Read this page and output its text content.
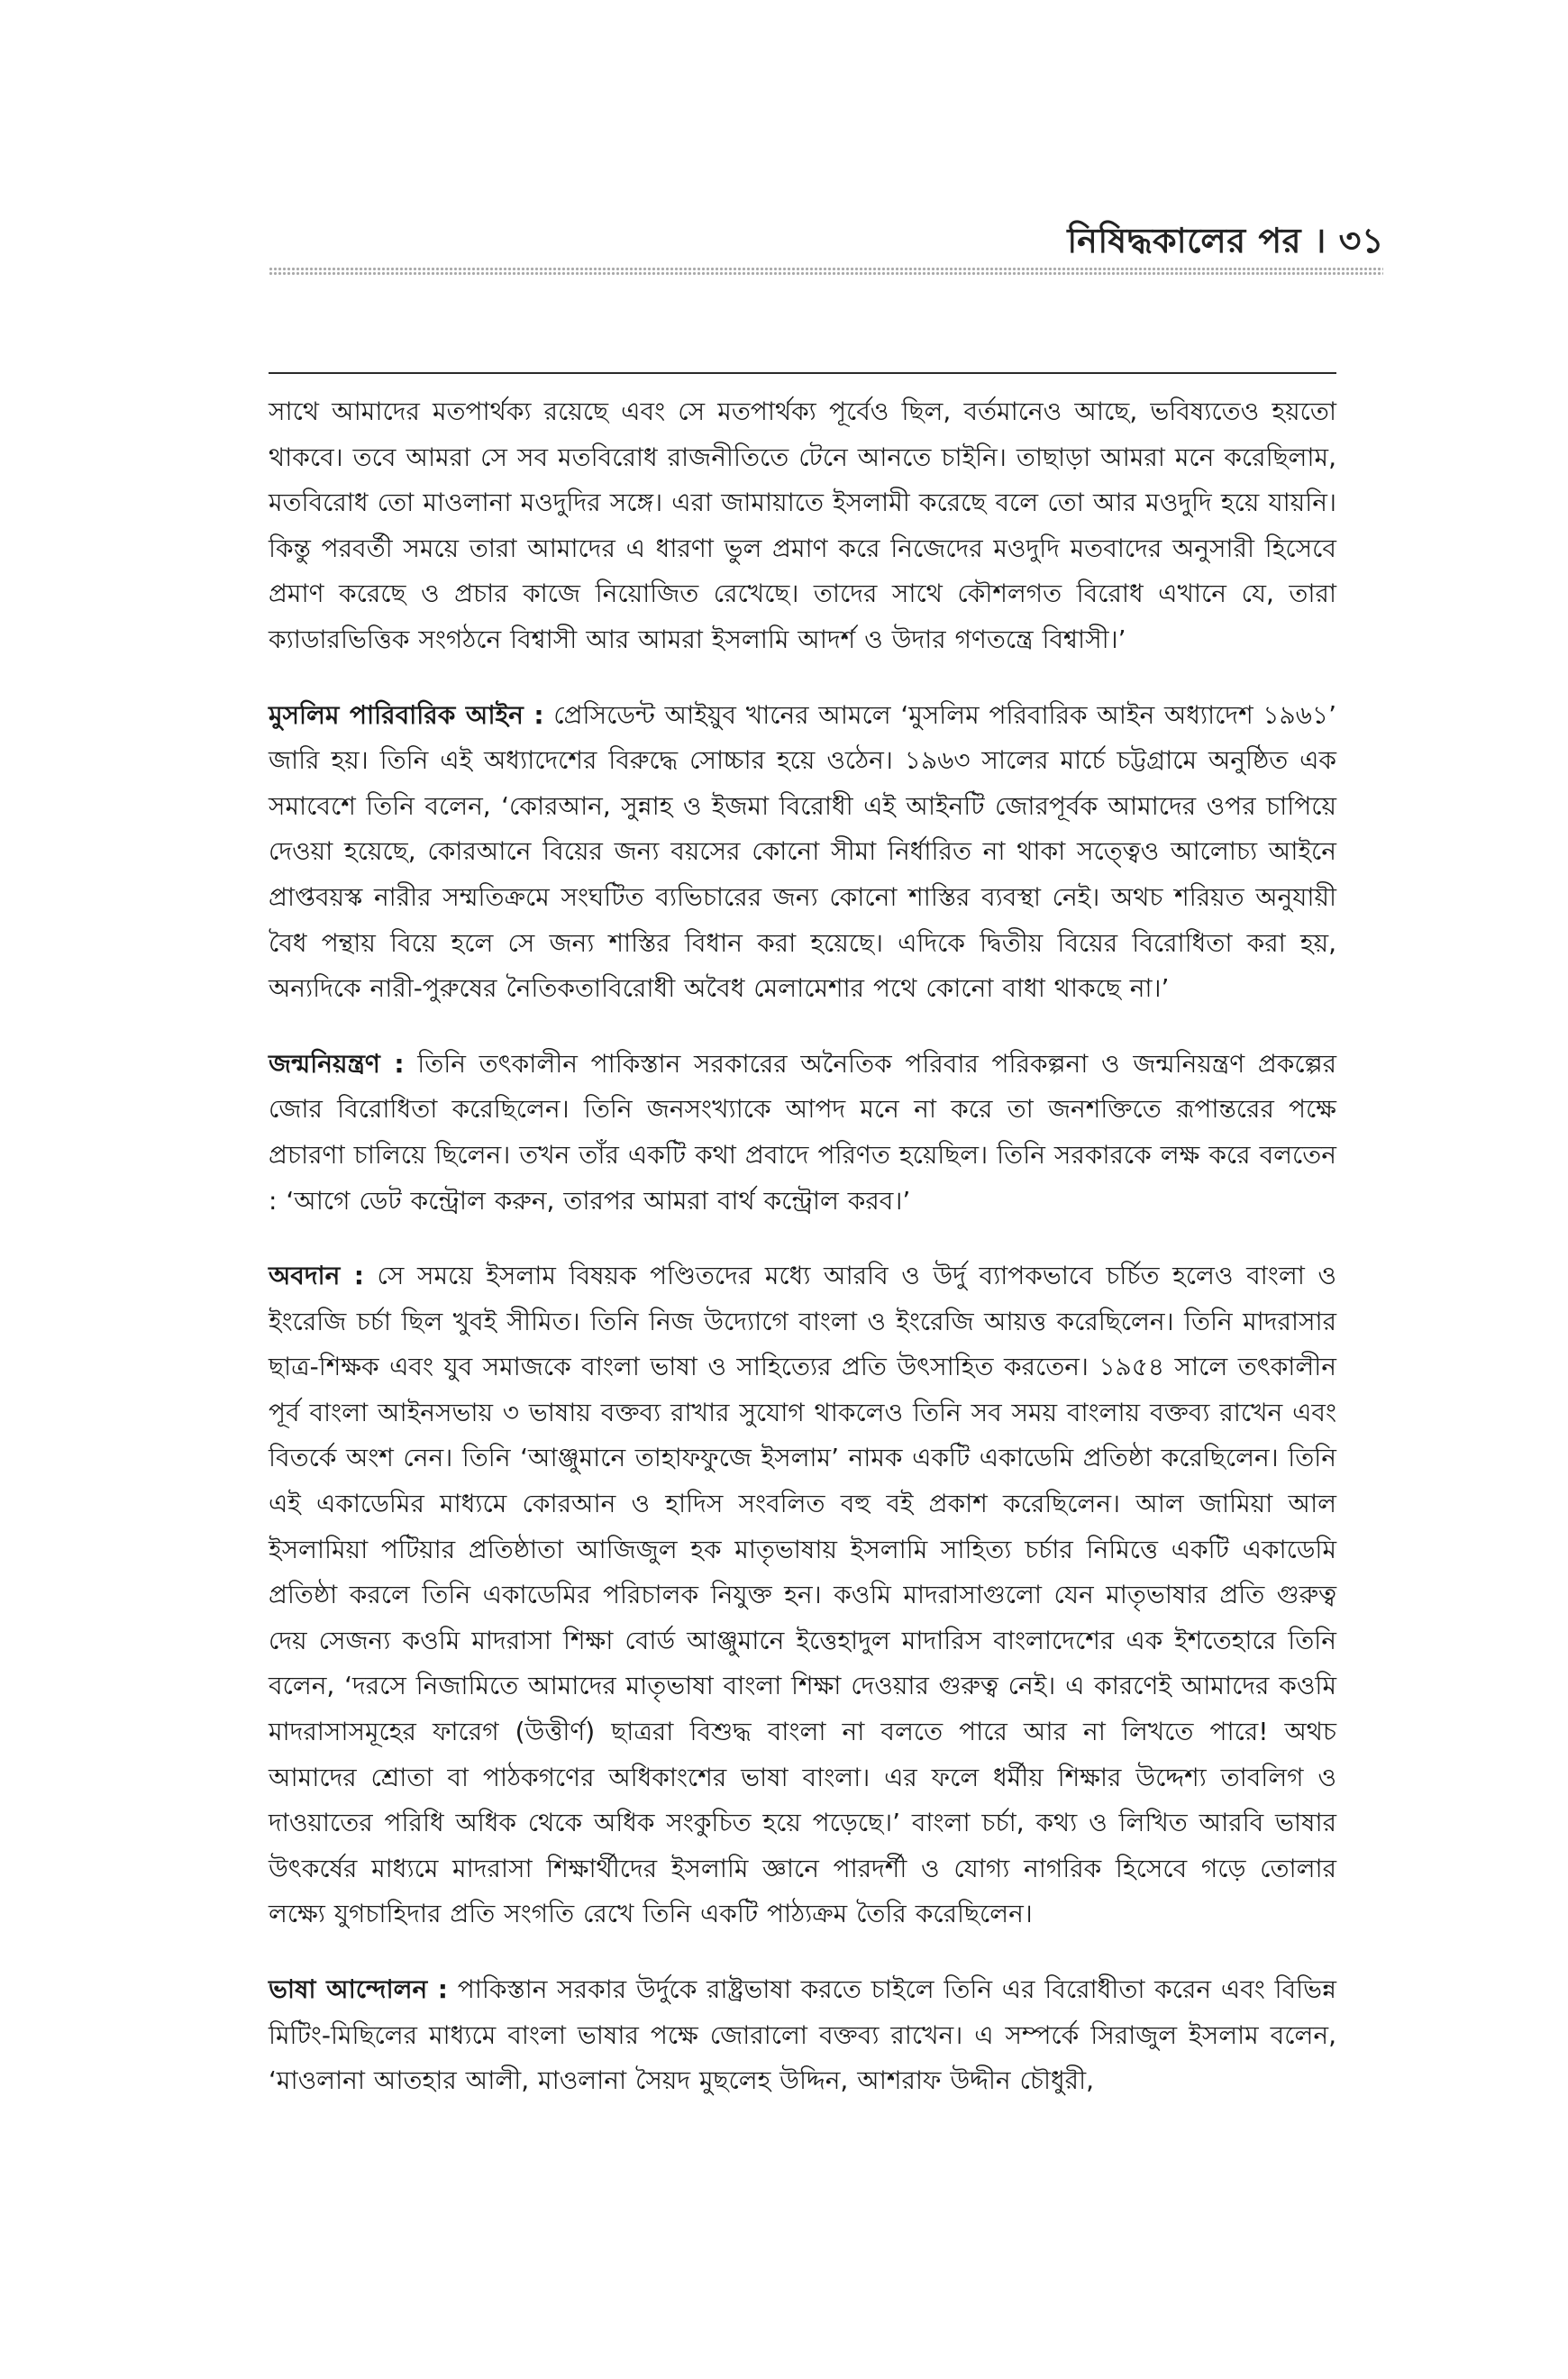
নিষিদ্ধকালের পর । ৩১

সাথে আমাদের মতপার্থক্য রয়েছে এবং সে মতপার্থক্য পূর্বেও ছিল, বর্তমানেও আছে, ভবিষ্যতেও হয়তো থাকবে। তবে আমরা সে সব মতবিরোধ রাজনীতিতে টেনে আনতে চাইনি। তাছাড়া আমরা মনে করেছিলাম, মতবিরোধ তো মাওলানা মওদুদির সঙ্গে। এরা জামায়াতে ইসলামী করেছে বলে তো আর মওদুদি হয়ে যায়নি। কিন্তু পরবর্তী সময়ে তারা আমাদের এ ধারণা ভুল প্রমাণ করে নিজেদের মওদুদি মতবাদের অনুসারী হিসেবে প্রমাণ করেছে ও প্রচার কাজে নিয়োজিত রেখেছে। তাদের সাথে কৌশলগত বিরোধ এখানে যে, তারা ক্যাডারভিত্তিক সংগঠনে বিশ্বাসী আর আমরা ইসলামি আদর্শ ও উদার গণতন্ত্রে বিশ্বাসী।’

মুসলিম পারিবারিক আইন : প্রেসিডেন্ট আইয়ুব খানের আমলে ‘মুসলিম পরিবারিক আইন অধ্যাদেশ ১৯৬১’ জারি হয়। তিনি এই অধ্যাদেশের বিরুদ্ধে সোচ্চার হয়ে ওঠেন। ১৯৬৩ সালের মার্চে চট্টগ্রামে অনুষ্ঠিত এক সমাবেশে তিনি বলেন, ‘কোরআন, সুন্নাহ ও ইজমা বিরোধী এই আইনটি জোরপূর্বক আমাদের ওপর চাপিয়ে দেওয়া হয়েছে, কোরআনে বিয়ের জন্য বয়সের কোনো সীমা নির্ধারিত না থাকা সত্ত্বেও আলোচ্য আইনে প্রাপ্তবয়স্ক নারীর সম্মতিক্রমে সংঘটিত ব্যভিচারের জন্য কোনো শাস্তির ব্যবস্থা নেই। অথচ শরিয়ত অনুযায়ী বৈধ পন্থায় বিয়ে হলে সে জন্য শাস্তির বিধান করা হয়েছে। এদিকে দ্বিতীয় বিয়ের বিরোধিতা করা হয়, অন্যদিকে নারী-পুরুষের নৈতিকতাবিরোধী অবৈধ মেলামেশার পথে কোনো বাধা থাকছে না।’

জন্মনিয়ন্ত্রণ : তিনি তৎকালীন পাকিস্তান সরকারের অনৈতিক পরিবার পরিকল্পনা ও জন্মনিয়ন্ত্রণ প্রকল্পের জোর বিরোধিতা করেছিলেন। তিনি জনসংখ্যাকে আপদ মনে না করে তা জনশক্তিতে রূপান্তরের পক্ষে প্রচারণা চালিয়ে ছিলেন। তখন তাঁর একটি কথা প্রবাদে পরিণত হয়েছিল। তিনি সরকারকে লক্ষ করে বলতেন : ‘আগে ডেট কন্ট্রোল করুন, তারপর আমরা বার্থ কন্ট্রোল করব।’

অবদান : সে সময়ে ইসলাম বিষয়ক পণ্ডিতদের মধ্যে আরবি ও উর্দু ব্যাপকভাবে চর্চিত হলেও বাংলা ও ইংরেজি চর্চা ছিল খুবই সীমিত। তিনি নিজ উদ্যোগে বাংলা ও ইংরেজি আয়ত্ত করেছিলেন। তিনি মাদরাসার ছাত্র-শিক্ষক এবং যুব সমাজকে বাংলা ভাষা ও সাহিত্যের প্রতি উৎসাহিত করতেন। ১৯৫৪ সালে তৎকালীন পূর্ব বাংলা আইনসভায় ৩ ভাষায় বক্তব্য রাখার সুযোগ থাকলেও তিনি সব সময় বাংলায় বক্তব্য রাখেন এবং বিতর্কে অংশ নেন। তিনি ‘আঞ্জুমানে তাহাফফুজে ইসলাম’ নামক একটি একাডেমি প্রতিষ্ঠা করেছিলেন। তিনি এই একাডেমির মাধ্যমে কোরআন ও হাদিস সংবলিত বহু বই প্রকাশ করেছিলেন। আল জামিয়া আল ইসলামিয়া পটিয়ার প্রতিষ্ঠাতা আজিজুল হক মাতৃভাষায় ইসলামি সাহিত্য চর্চার নিমিত্তে একটি একাডেমি প্রতিষ্ঠা করলে তিনি একাডেমির পরিচালক নিযুক্ত হন। কওমি মাদরাসাগুলো যেন মাতৃভাষার প্রতি গুরুত্ব দেয় সেজন্য কওমি মাদরাসা শিক্ষা বোর্ড আঞ্জুমানে ইত্তেহাদুল মাদারিস বাংলাদেশের এক ইশতেহারে তিনি বলেন, ‘দরসে নিজামিতে আমাদের মাতৃভাষা বাংলা শিক্ষা দেওয়ার গুরুত্ব নেই। এ কারণেই আমাদের কওমি মাদরাসাসমূহের ফারেগ (উত্তীর্ণ) ছাত্ররা বিশুদ্ধ বাংলা না বলতে পারে আর না লিখতে পারে! অথচ আমাদের শ্রোতা বা পাঠকগণের অধিকাংশের ভাষা বাংলা। এর ফলে ধর্মীয় শিক্ষার উদ্দেশ্য তাবলিগ ও দাওয়াতের পরিধি অধিক থেকে অধিক সংকুচিত হয়ে পড়েছে।’ বাংলা চর্চা, কথ্য ও লিখিত আরবি ভাষার উৎকর্ষের মাধ্যমে মাদরাসা শিক্ষার্থীদের ইসলামি জ্ঞানে পারদর্শী ও যোগ্য নাগরিক হিসেবে গড়ে তোলার লক্ষ্যে যুগচাহিদার প্রতি সংগতি রেখে তিনি একটি পাঠ্যক্রম তৈরি করেছিলেন।

ভাষা আন্দোলন : পাকিস্তান সরকার উর্দুকে রাষ্ট্রভাষা করতে চাইলে তিনি এর বিরোধীতা করেন এবং বিভিন্ন মিটিং-মিছিলের মাধ্যমে বাংলা ভাষার পক্ষে জোরালো বক্তব্য রাখেন। এ সম্পর্কে সিরাজুল ইসলাম বলেন, ‘মাওলানা আতহার আলী, মাওলানা সৈয়দ মুছলেহ উদ্দিন, আশরাফ উদ্দীন চৌধুরী,
